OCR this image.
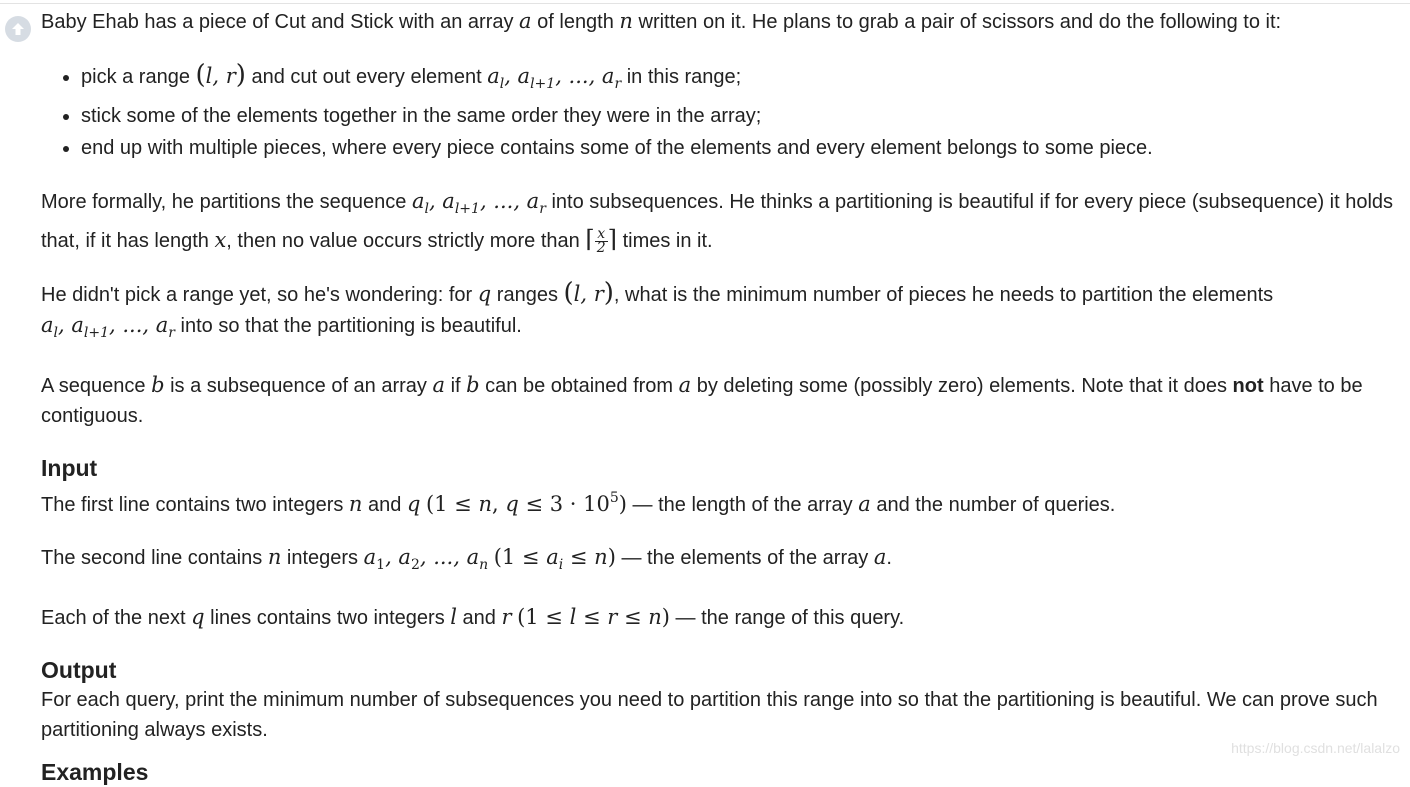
Baby Ehab has a piece of Cut and Stick with an array a of length n written on it. He plans to grab a pair of scissors and do the following to it:

• pick a range (l, r) and cut out every element $a_l$, $a_{l+1}$, ..., $a_r$ in this range;
• stick some of the elements together in the same order they were in the array;
• end up with multiple pieces, where every piece contains some of the elements and every element belongs to some piece.

More formally, he partitions the sequence $a_l$, $a_{l+1}$, ..., $a_r$ into subsequences. He thinks a partitioning is beautiful if for every piece (subsequence) it holds that, if it has length x, then no value occurs strictly more than ⌈ $\frac{x}{2}$ ⌉ times in it.

He didn't pick a range yet, so he's wondering: for q ranges (l, r), what is the minimum number of pieces he needs to partition the elements $a_l$, $a_{l+1}$, ..., $a_r$ into so that the partitioning is beautiful.

A sequence b is a subsequence of an array a if b can be obtained from a by deleting some (possibly zero) elements. Note that it does not have to be contiguous.

Input

The first line contains two integers n and q (1 ≤ n, $q \le 3 \cdot 10^5$) — the length of the array a and the number of queries.

The second line contains n integers $a_1$, $a_2$, ..., $a_n$ $(1 \le a_i \le n)$ — the elements of the array a.

Each of the next q lines contains two integers l and r (1 ≤ l ≤ r ≤ n) — the range of this query.

Output

For each query, print the minimum number of subsequences you need to partition this range into so that the partitioning is beautiful. We can prove such partitioning always exists.

Examples
https://blog.csdn.net/lalalzo
